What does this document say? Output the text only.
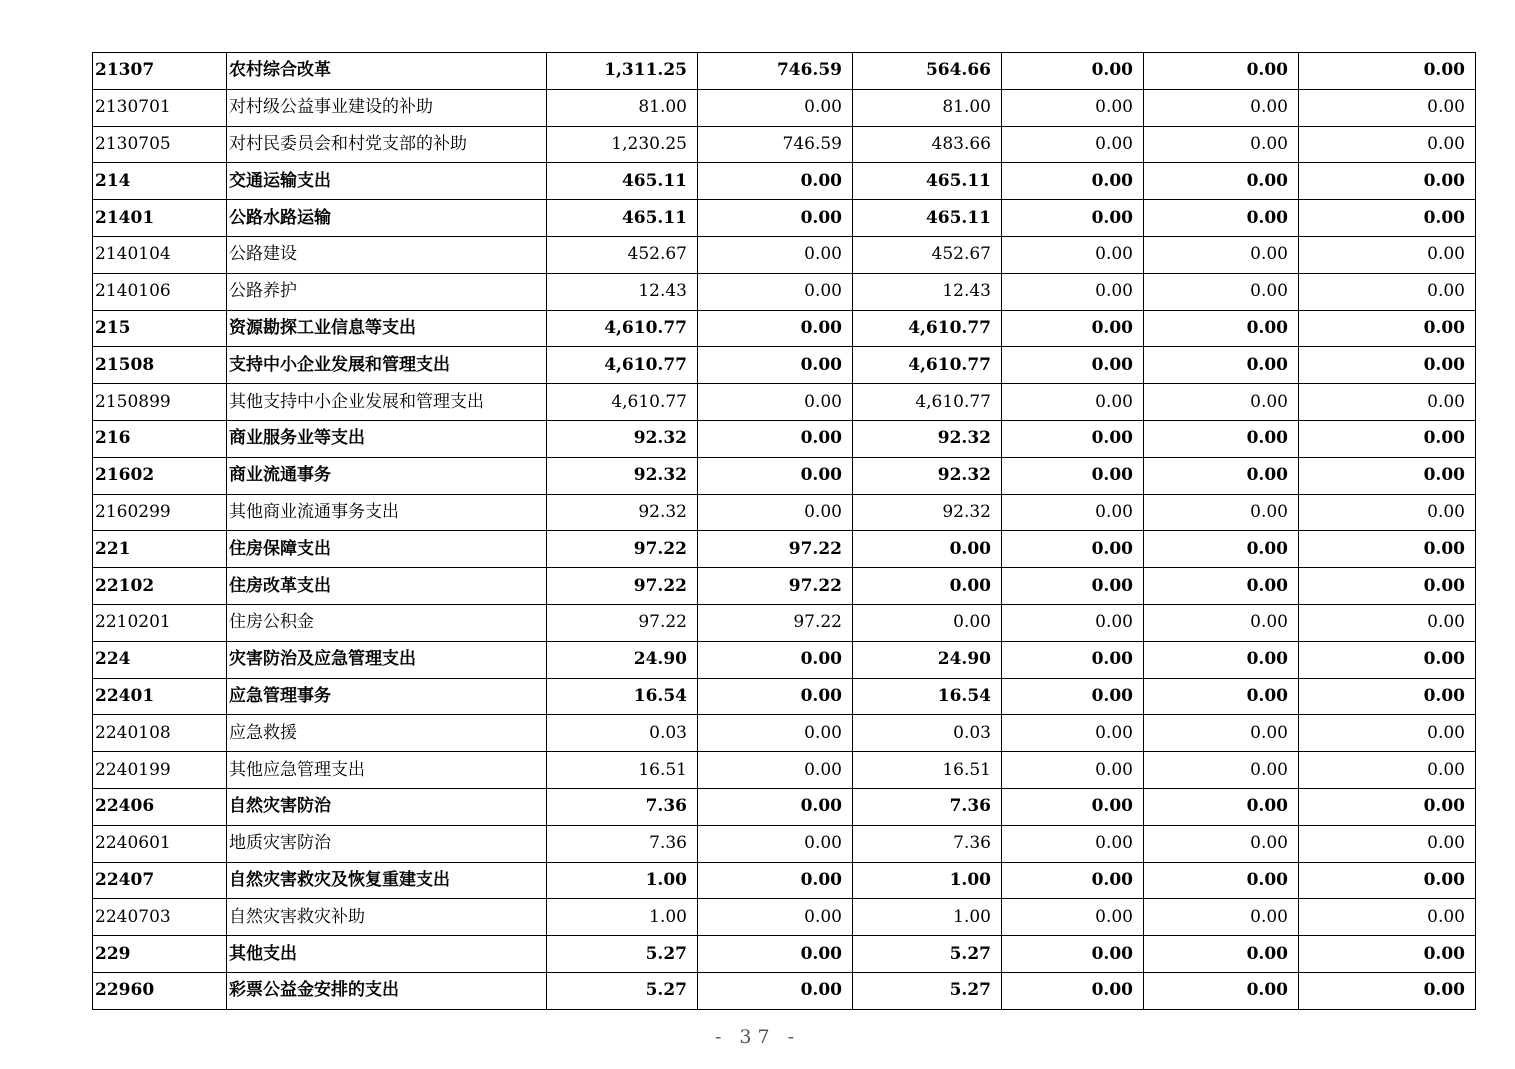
21307	农村综合改革	1,311.25	746.59	564.66	0.00	0.00	0.00
2130701	对村级公益事业建设的补助	81.00	0.00	81.00	0.00	0.00	0.00
2130705	对村民委员会和村党支部的补助	1,230.25	746.59	483.66	0.00	0.00	0.00
214	交通运输支出	465.11	0.00	465.11	0.00	0.00	0.00
21401	公路水路运输	465.11	0.00	465.11	0.00	0.00	0.00
2140104	公路建设	452.67	0.00	452.67	0.00	0.00	0.00
2140106	公路养护	12.43	0.00	12.43	0.00	0.00	0.00
215	资源勘探工业信息等支出	4,610.77	0.00	4,610.77	0.00	0.00	0.00
21508	支持中小企业发展和管理支出	4,610.77	0.00	4,610.77	0.00	0.00	0.00
2150899	其他支持中小企业发展和管理支出	4,610.77	0.00	4,610.77	0.00	0.00	0.00
216	商业服务业等支出	92.32	0.00	92.32	0.00	0.00	0.00
21602	商业流通事务	92.32	0.00	92.32	0.00	0.00	0.00
2160299	其他商业流通事务支出	92.32	0.00	92.32	0.00	0.00	0.00
221	住房保障支出	97.22	97.22	0.00	0.00	0.00	0.00
22102	住房改革支出	97.22	97.22	0.00	0.00	0.00	0.00
2210201	住房公积金	97.22	97.22	0.00	0.00	0.00	0.00
224	灾害防治及应急管理支出	24.90	0.00	24.90	0.00	0.00	0.00
22401	应急管理事务	16.54	0.00	16.54	0.00	0.00	0.00
2240108	应急救援	0.03	0.00	0.03	0.00	0.00	0.00
2240199	其他应急管理支出	16.51	0.00	16.51	0.00	0.00	0.00
22406	自然灾害防治	7.36	0.00	7.36	0.00	0.00	0.00
2240601	地质灾害防治	7.36	0.00	7.36	0.00	0.00	0.00
22407	自然灾害救灾及恢复重建支出	1.00	0.00	1.00	0.00	0.00	0.00
2240703	自然灾害救灾补助	1.00	0.00	1.00	0.00	0.00	0.00
229	其他支出	5.27	0.00	5.27	0.00	0.00	0.00
22960	彩票公益金安排的支出	5.27	0.00	5.27	0.00	0.00	0.00
- 37 -
